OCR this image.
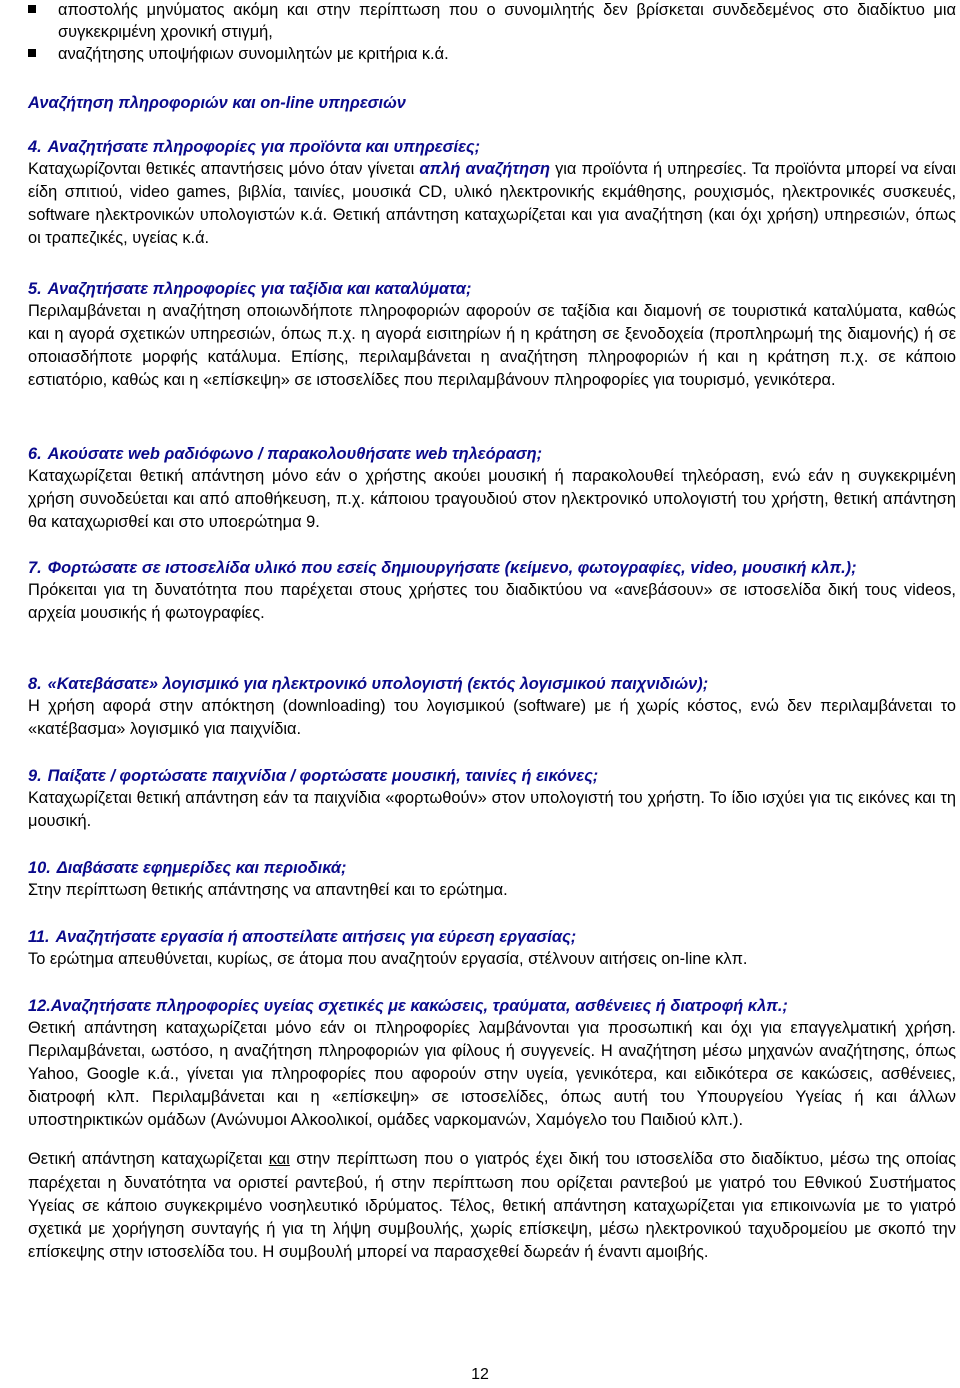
αποστολής μηνύματος ακόμη και στην περίπτωση που ο συνομιλητής δεν βρίσκεται συνδεδεμένος στο διαδίκτυο μια συγκεκριμένη χρονική στιγμή,
αναζήτησης υποψήφιων συνομιλητών με κριτήρια κ.ά.
Αναζήτηση πληροφοριών και on-line υπηρεσιών
4. Αναζητήσατε πληροφορίες για προϊόντα και υπηρεσίες;

Καταχωρίζονται θετικές απαντήσεις μόνο όταν γίνεται απλή αναζήτηση για προϊόντα ή υπηρεσίες. Τα προϊόντα μπορεί να είναι είδη σπιτιού, video games, βιβλία, ταινίες, μουσικά CD, υλικό ηλεκτρονικής εκμάθησης, ρουχισμός, ηλεκτρονικές συσκευές, software ηλεκτρονικών υπολογιστών κ.ά. Θετική απάντηση καταχωρίζεται και για αναζήτηση (και όχι χρήση) υπηρεσιών, όπως οι τραπεζικές, υγείας κ.ά.

5. Αναζητήσατε πληροφορίες για ταξίδια και καταλύματα;

Περιλαμβάνεται η αναζήτηση οποιωνδήποτε πληροφοριών αφορούν σε ταξίδια και διαμονή σε τουριστικά καταλύματα, καθώς και η αγορά σχετικών υπηρεσιών, όπως π.χ. η αγορά εισιτηρίων ή η κράτηση σε ξενοδοχεία (προπληρωμή της διαμονής) ή σε οποιασδήποτε μορφής κατάλυμα. Επίσης, περιλαμβάνεται η αναζήτηση πληροφοριών ή και η κράτηση π.χ. σε κάποιο εστιατόριο, καθώς και η «επίσκεψη» σε ιστοσελίδες που περιλαμβάνουν πληροφορίες για τουρισμό, γενικότερα.

6. Ακούσατε web ραδιόφωνο / παρακολουθήσατε web τηλεόραση;

Καταχωρίζεται θετική απάντηση μόνο εάν ο χρήστης ακούει μουσική ή παρακολουθεί τηλεόραση, ενώ εάν η συγκεκριμένη χρήση συνοδεύεται και από αποθήκευση, π.χ. κάποιου τραγουδιού στον ηλεκτρονικό υπολογιστή του χρήστη, θετική απάντηση θα καταχωρισθεί και στο υποερώτημα 9.

7. Φορτώσατε σε ιστοσελίδα υλικό που εσείς δημιουργήσατε (κείμενο, φωτογραφίες, video, μουσική κλπ.);

Πρόκειται για τη δυνατότητα που παρέχεται στους χρήστες του διαδικτύου να «ανεβάσουν» σε ιστοσελίδα δική τους videos, αρχεία μουσικής ή φωτογραφίες.

8. «Κατεβάσατε» λογισμικό για ηλεκτρονικό υπολογιστή (εκτός λογισμικού παιχνιδιών);

Η χρήση αφορά στην απόκτηση (downloading) του λογισμικού (software) με ή χωρίς κόστος, ενώ δεν περιλαμβάνεται το «κατέβασμα» λογισμικό για παιχνίδια.

9. Παίξατε / φορτώσατε παιχνίδια / φορτώσατε μουσική, ταινίες ή εικόνες;

Καταχωρίζεται θετική απάντηση εάν τα παιχνίδια «φορτωθούν» στον υπολογιστή του χρήστη. Το ίδιο ισχύει για τις εικόνες και τη μουσική.

10. Διαβάσατε εφημερίδες και περιοδικά;

Στην περίπτωση θετικής απάντησης να απαντηθεί και το ερώτημα.

11. Αναζητήσατε εργασία ή αποστείλατε αιτήσεις για εύρεση εργασίας;

Το ερώτημα απευθύνεται, κυρίως, σε άτομα που αναζητούν εργασία, στέλνουν αιτήσεις on-line κλπ.

12.Αναζητήσατε πληροφορίες υγείας σχετικές με κακώσεις, τραύματα, ασθένειες ή διατροφή κλπ.;

Θετική απάντηση καταχωρίζεται μόνο εάν οι πληροφορίες λαμβάνονται για προσωπική και όχι για επαγγελματική χρήση. Περιλαμβάνεται, ωστόσο, η αναζήτηση πληροφοριών για φίλους ή συγγενείς. Η αναζήτηση μέσω μηχανών αναζήτησης, όπως Yahoo, Google κ.ά., γίνεται για πληροφορίες που αφορούν στην υγεία, γενικότερα, και ειδικότερα σε κακώσεις, ασθένειες, διατροφή κλπ. Περιλαμβάνεται και η «επίσκεψη» σε ιστοσελίδες, όπως αυτή του Υπουργείου Υγείας ή και άλλων υποστηρικτικών ομάδων (Ανώνυμοι Αλκοολικοί, ομάδες ναρκομανών, Χαμόγελο του Παιδιού κλπ.).

Θετική απάντηση καταχωρίζεται και στην περίπτωση που ο γιατρός έχει δική του ιστοσελίδα στο διαδίκτυο, μέσω της οποίας παρέχεται η δυνατότητα να οριστεί ραντεβού, ή στην περίπτωση που ορίζεται ραντεβού με γιατρό του Εθνικού Συστήματος Υγείας σε κάποιο συγκεκριμένο νοσηλευτικό ιδρύματος. Τέλος, θετική απάντηση καταχωρίζεται για επικοινωνία με το γιατρό σχετικά με χορήγηση συνταγής ή για τη λήψη συμβουλής, χωρίς επίσκεψη, μέσω ηλεκτρονικού ταχυδρομείου με σκοπό την επίσκεψης στην ιστοσελίδα του. Η συμβουλή μπορεί να παρασχεθεί δωρεάν ή έναντι αμοιβής.

12
